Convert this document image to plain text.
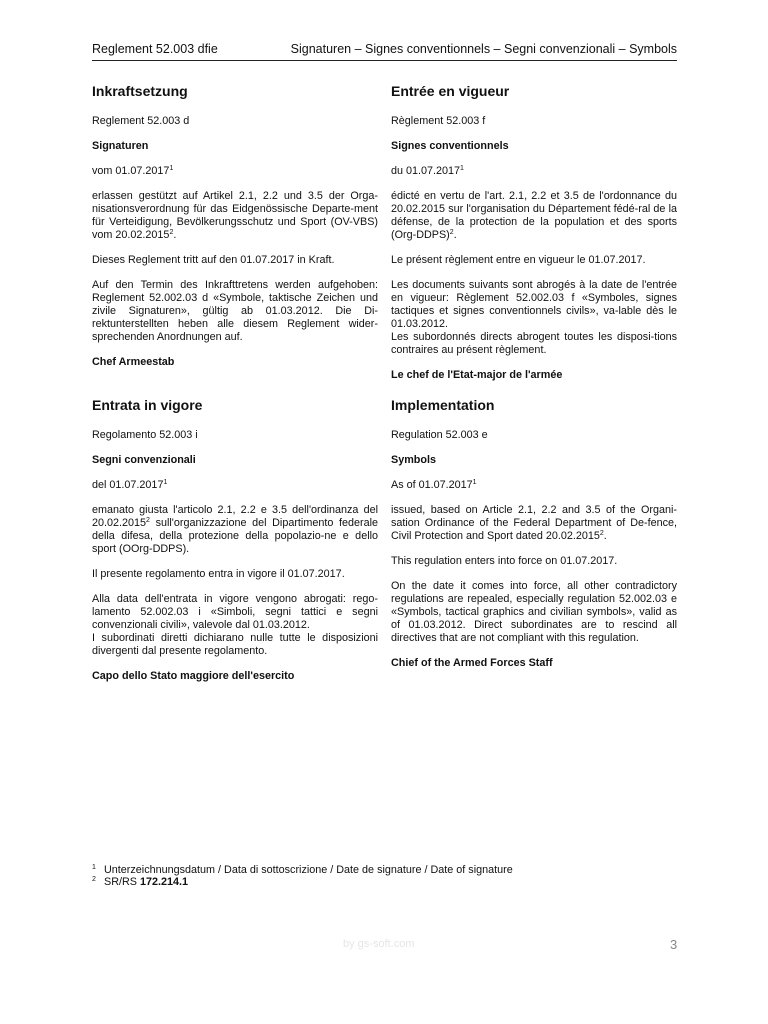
Reglement 52.003 dfie	Signaturen – Signes conventionnels – Segni convenzionali – Symbols
Inkraftsetzung

Reglement 52.003 d

Signaturen

vom 01.07.2017$^1$

erlassen gestützt auf Artikel 2.1, 2.2 und 3.5 der Orga-nisationsverordnung für das Eidgenössische Departe-ment für Verteidigung, Bevölkerungsschutz und Sport (OV-VBS) vom 20.02.2015$^2$.

Dieses Reglement tritt auf den 01.07.2017 in Kraft.

Auf den Termin des Inkrafttretens werden aufgehoben: Reglement 52.002.03 d «Symbole, taktische Zeichen und zivile Signaturen», gültig ab 01.03.2012. Die Di-rektunterstellten heben alle diesem Reglement wider-sprechenden Anordnungen auf.

Chef Armeestab

Entrée en vigueur

Règlement 52.003 f

Signes conventionnels

du 01.07.2017$^1$

édicté en vertu de l'art. 2.1, 2.2 et 3.5 de l'ordonnance du 20.02.2015 sur l'organisation du Département fédé-ral de la défense, de la protection de la population et des sports (Org-DDPS)$^2$.

Le présent règlement entre en vigueur le 01.07.2017.

Les documents suivants sont abrogés à la date de l'entrée en vigueur: Règlement 52.002.03 f «Symboles, signes tactiques et signes conventionnels civils», va-lable dès le 01.03.2012.

Les subordonnés directs abrogent toutes les disposi-tions contraires au présent règlement.

Le chef de l'Etat-major de l'armée

Entrata in vigore

Regolamento 52.003 i

Segni convenzionali

del 01.07.2017$^1$

emanato giusta l'articolo 2.1, 2.2 e 3.5 dell'ordinanza del 20.02.2015$^2$ sull'organizzazione del Dipartimento federale della difesa, della protezione della popolazio-ne e dello sport (OOrg-DDPS).

Il presente regolamento entra in vigore il 01.07.2017.

Alla data dell'entrata in vigore vengono abrogati: rego-lamento 52.002.03 i «Simboli, segni tattici e segni convenzionali civili», valevole dal 01.03.2012.

I subordinati diretti dichiarano nulle tutte le disposizioni divergenti dal presente regolamento.

Capo dello Stato maggiore dell'esercito

Implementation

Regulation 52.003 e

Symbols

As of 01.07.2017$^1$

issued, based on Article 2.1, 2.2 and 3.5 of the Organi-sation Ordinance of the Federal Department of De-fence, Civil Protection and Sport dated 20.02.2015$^2$.

This regulation enters into force on 01.07.2017.

On the date it comes into force, all other contradictory regulations are repealed, especially regulation 52.002.03 e «Symbols, tactical graphics and civilian symbols», valid as of 01.03.2012. Direct subordinates are to rescind all directives that are not compliant with this regulation.

Chief of the Armed Forces Staff

1 Unterzeichnungsdatum / Data di sottoscrizione / Date de signature / Date of signature
2 SR/RS 172.214.1
by gs-soft.com	3
